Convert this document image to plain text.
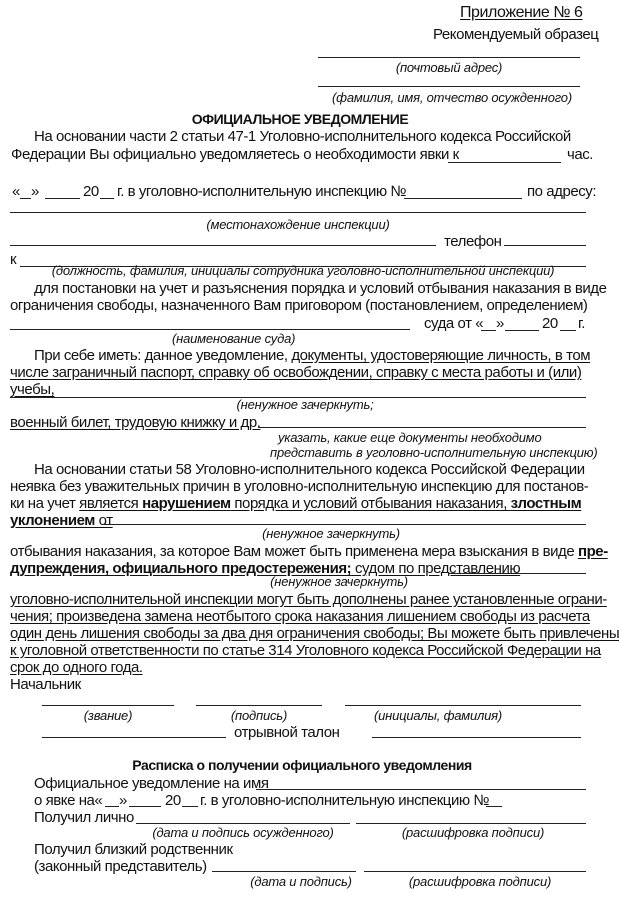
Приложение № 6
Рекомендуемый образец
(почтовый адрес)
(фамилия, имя, отчество осужденного)
ОФИЦИАЛЬНОЕ УВЕДОМЛЕНИЕ
На основании части 2 статьи 47-1 Уголовно-исполнительного кодекса Российской
Федерации Вы официально уведомляетесь о необходимости явки к	час.
« »	20 г. в уголовно-исполнительную инспекцию №	по адресу:
(местонахождение инспекции)
телефон
к
(должность, фамилия, инициалы сотрудника уголовно-исполнительной инспекции)
для постановки на учет и разъяснения порядка и условий отбывания наказания в виде
ограничения свободы, назначенного Вам приговором (постановлением, определением)
суда от « »	20 г.
(наименование суда)
При себе иметь: данное уведомление, документы, удостоверяющие личность, в том
числе заграничный паспорт, справку об освобождении, справку с места работы и (или)
учебы,
(ненужное зачеркнуть;
военный билет, трудовую книжку и др.
указать, какие еще документы необходимо
представить в уголовно-исполнительную инспекцию)
На основании статьи 58 Уголовно-исполнительного кодекса Российской Федерации
неявка без уважительных причин в уголовно-исполнительную инспекцию для постанов-
ки на учет является нарушением порядка и условий отбывания наказания, злостным
уклонением от
(ненужное зачеркнуть)
отбывания наказания, за которое Вам может быть применена мера взыскания в виде пре-
дупреждения, официального предостережения; судом по представлению
(ненужное зачеркнуть)
уголовно-исполнительной инспекции могут быть дополнены ранее установленные ограни-
чения; произведена замена неотбытого срока наказания лишением свободы из расчета
один день лишения свободы за два дня ограничения свободы; Вы можете быть привлечены
к уголовной ответственности по статье 314 Уголовного кодекса Российской Федерации на
срок до одного года.
Начальник
(звание)	(подпись)	(инициалы, фамилия)
отрывной талон
Расписка о получении официального уведомления
Официальное уведомление на имя
о явке на« »	20 г. в уголовно-исполнительную инспекцию №
Получил лично
(дата и подпись осужденного)	(расшифровка подписи)
Получил близкий родственник
(законный представитель)
(дата и подпись)	(расшифровка подписи)
